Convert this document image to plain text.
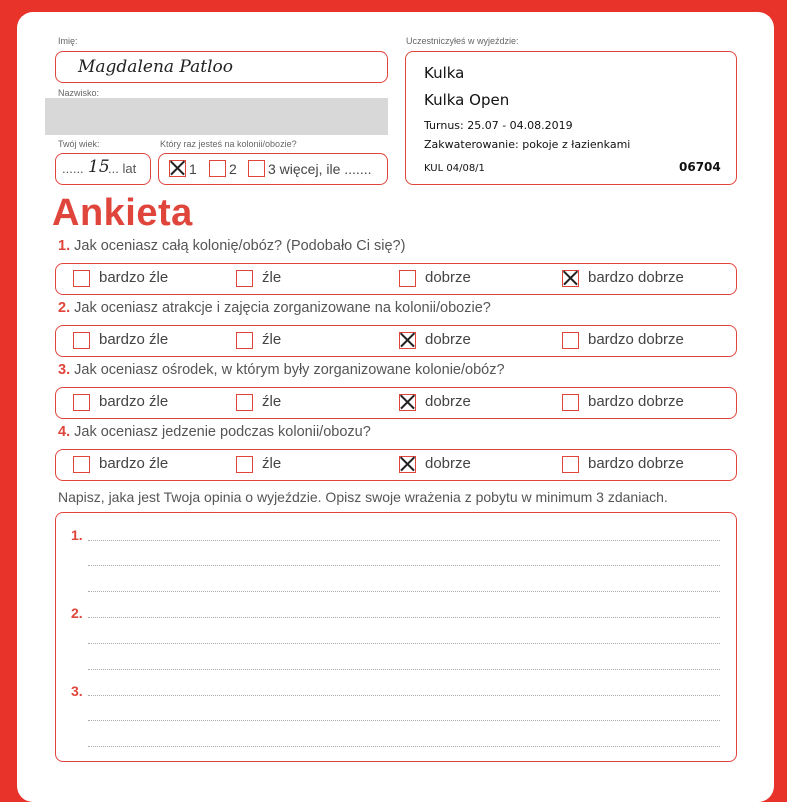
Imię:
Magdalena Patloo
Nazwisko:
Twój wiek:
...... 15
... lat
Który raz jesteś na kolonii/obozie?
1 2 3 więcej, ile .......
Uczestniczyłeś w wyjeździe:
Kulka
Kulka Open
Turnus: 25.07 - 04.08.2019
Zakwaterowanie: pokoje z łazienkami
KUL 04/08/1	06704
Ankieta
1. Jak oceniasz całą kolonię/obóz? (Podobało Ci się?)
bardzo źle	źle	dobrze	bardzo dobrze
2. Jak oceniasz atrakcje i zajęcia zorganizowane na kolonii/obozie?
bardzo źle	źle	dobrze	bardzo dobrze
3. Jak oceniasz ośrodek, w którym były zorganizowane kolonie/obóz?
bardzo źle	źle	dobrze	bardzo dobrze
4. Jak oceniasz jedzenie podczas kolonii/obozu?
bardzo źle	źle	dobrze	bardzo dobrze
Napisz, jaka jest Twoja opinia o wyjeździe. Opisz swoje wrażenia z pobytu w minimum 3 zdaniach.
1.
2.
3.
